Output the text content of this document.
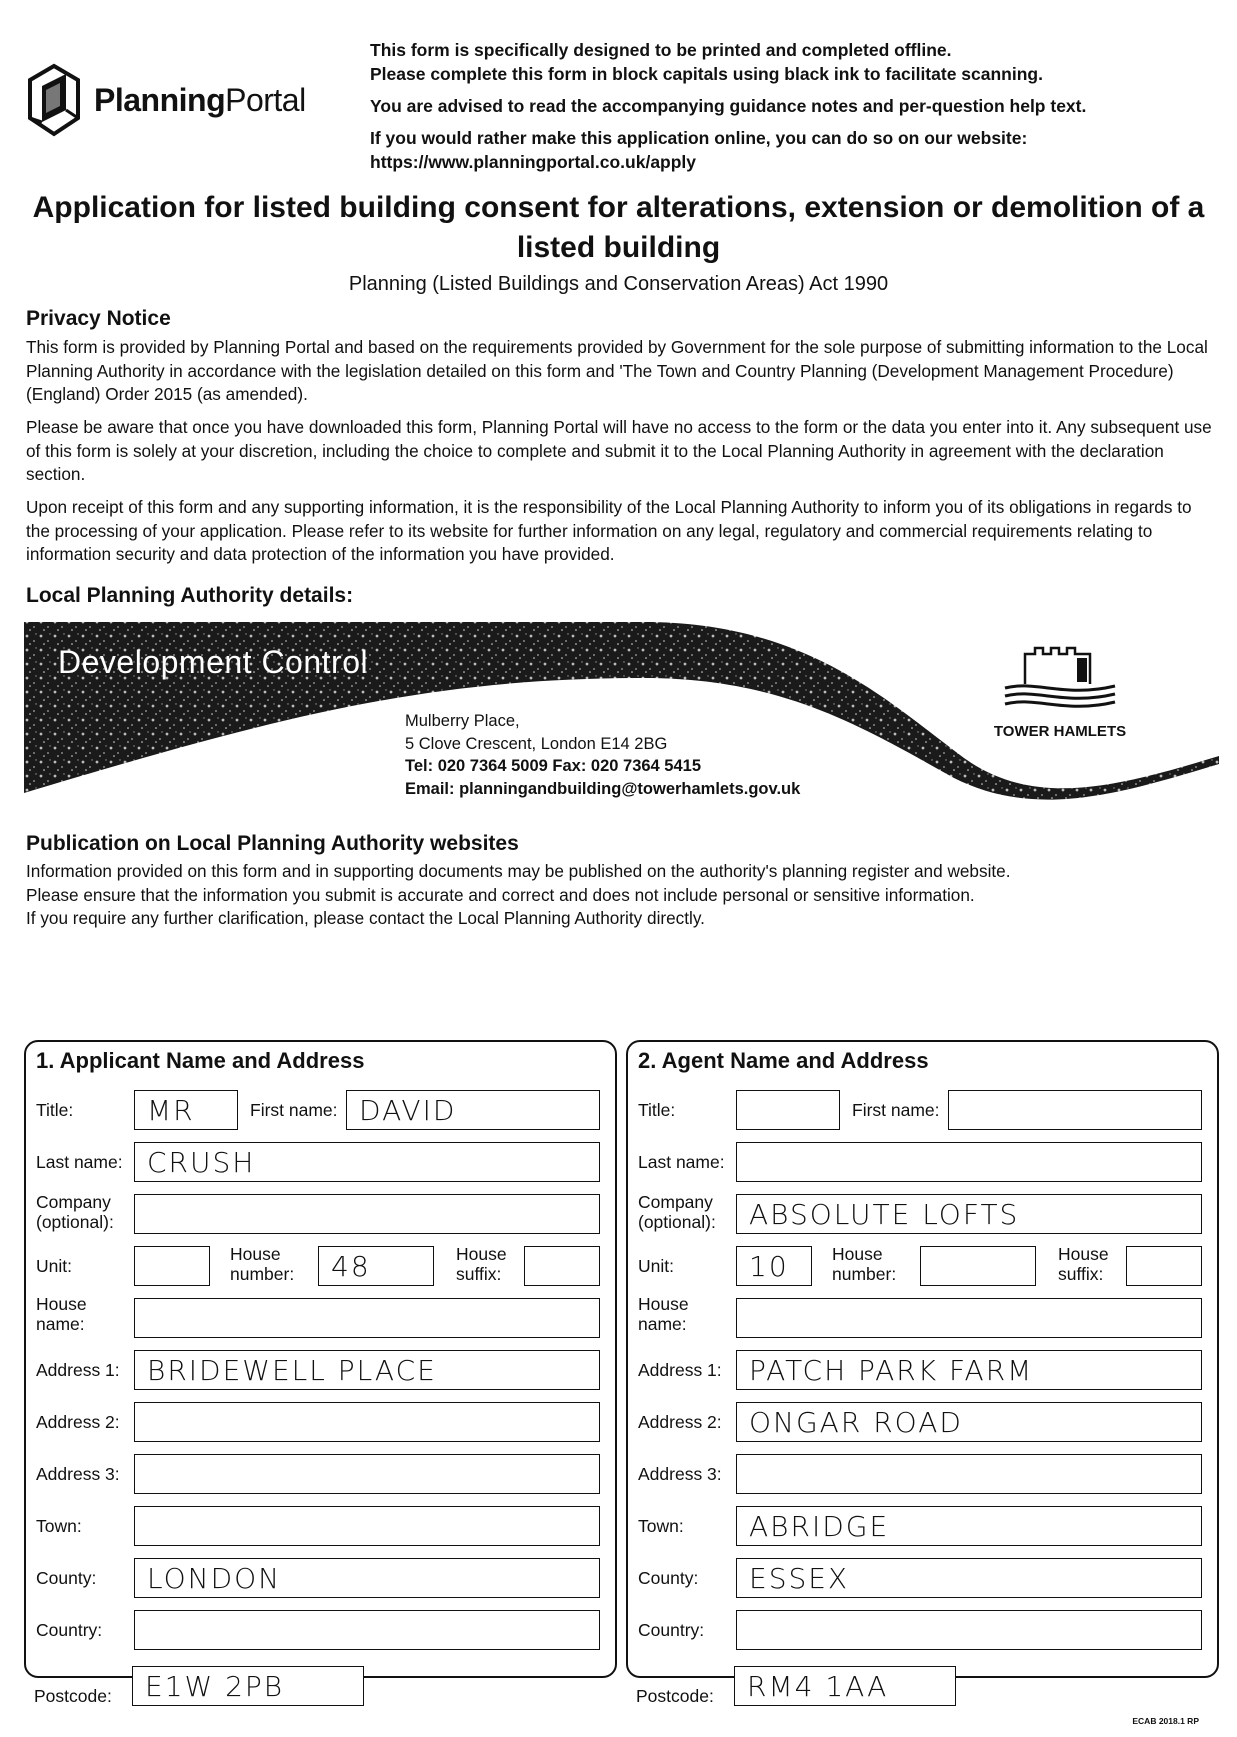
PlanningPortal

This form is specifically designed to be printed and completed offline.
Please complete this form in block capitals using black ink to facilitate scanning.

You are advised to read the accompanying guidance notes and per-question help text.

If you would rather make this application online, you can do so on our website:
https://www.planningportal.co.uk/apply

Application for listed building consent for alterations, extension or demolition of a listed building
Planning (Listed Buildings and Conservation Areas) Act 1990
Privacy Notice
This form is provided by Planning Portal and based on the requirements provided by Government for the sole purpose of submitting information to the Local Planning Authority in accordance with the legislation detailed on this form and 'The Town and Country Planning (Development Management Procedure) (England) Order 2015 (as amended).
Please be aware that once you have downloaded this form, Planning Portal will have no access to the form or the data you enter into it. Any subsequent use of this form is solely at your discretion, including the choice to complete and submit it to the Local Planning Authority in agreement with the declaration section.
Upon receipt of this form and any supporting information, it is the responsibility of the Local Planning Authority to inform you of its obligations in regards to the processing of your application. Please refer to its website for further information on any legal, regulatory and commercial requirements relating to information security and data protection of the information you have provided.
Local Planning Authority details:
Development Control
Mulberry Place,
5 Clove Crescent, London E14 2BG
Tel: 020 7364 5009 Fax: 020 7364 5415
Email: planningandbuilding@towerhamlets.gov.uk
TOWER HAMLETS
Publication on Local Planning Authority websites
Information provided on this form and in supporting documents may be published on the authority's planning register and website.
Please ensure that the information you submit is accurate and correct and does not include personal or sensitive information.
If you require any further clarification, please contact the Local Planning Authority directly.
1. Applicant Name and Address
Title:	MR	First name: DAVID
Last name: CRUSH
Company
(optional):
Unit:
House
number:	48	House
suffix:
House
name:
Address 1: BRIDEWELL PLACE
Address 2:
Address 3:
Town:
County:	LONDON
Country:
Postcode:	E1W 2PB
2. Agent Name and Address
Title:	First name:
Last name:
Company
(optional):	ABSOLUTE LOFTS
Unit:	10	House
number:
House
suffix:
House
name:
Address 1: PATCH PARK FARM
Address 2: ONGAR ROAD
Address 3:
Town:	ABRIDGE
County:	ESSEX
Country:
Postcode:	RM4 1AA
ECAB 2018.1 RP
